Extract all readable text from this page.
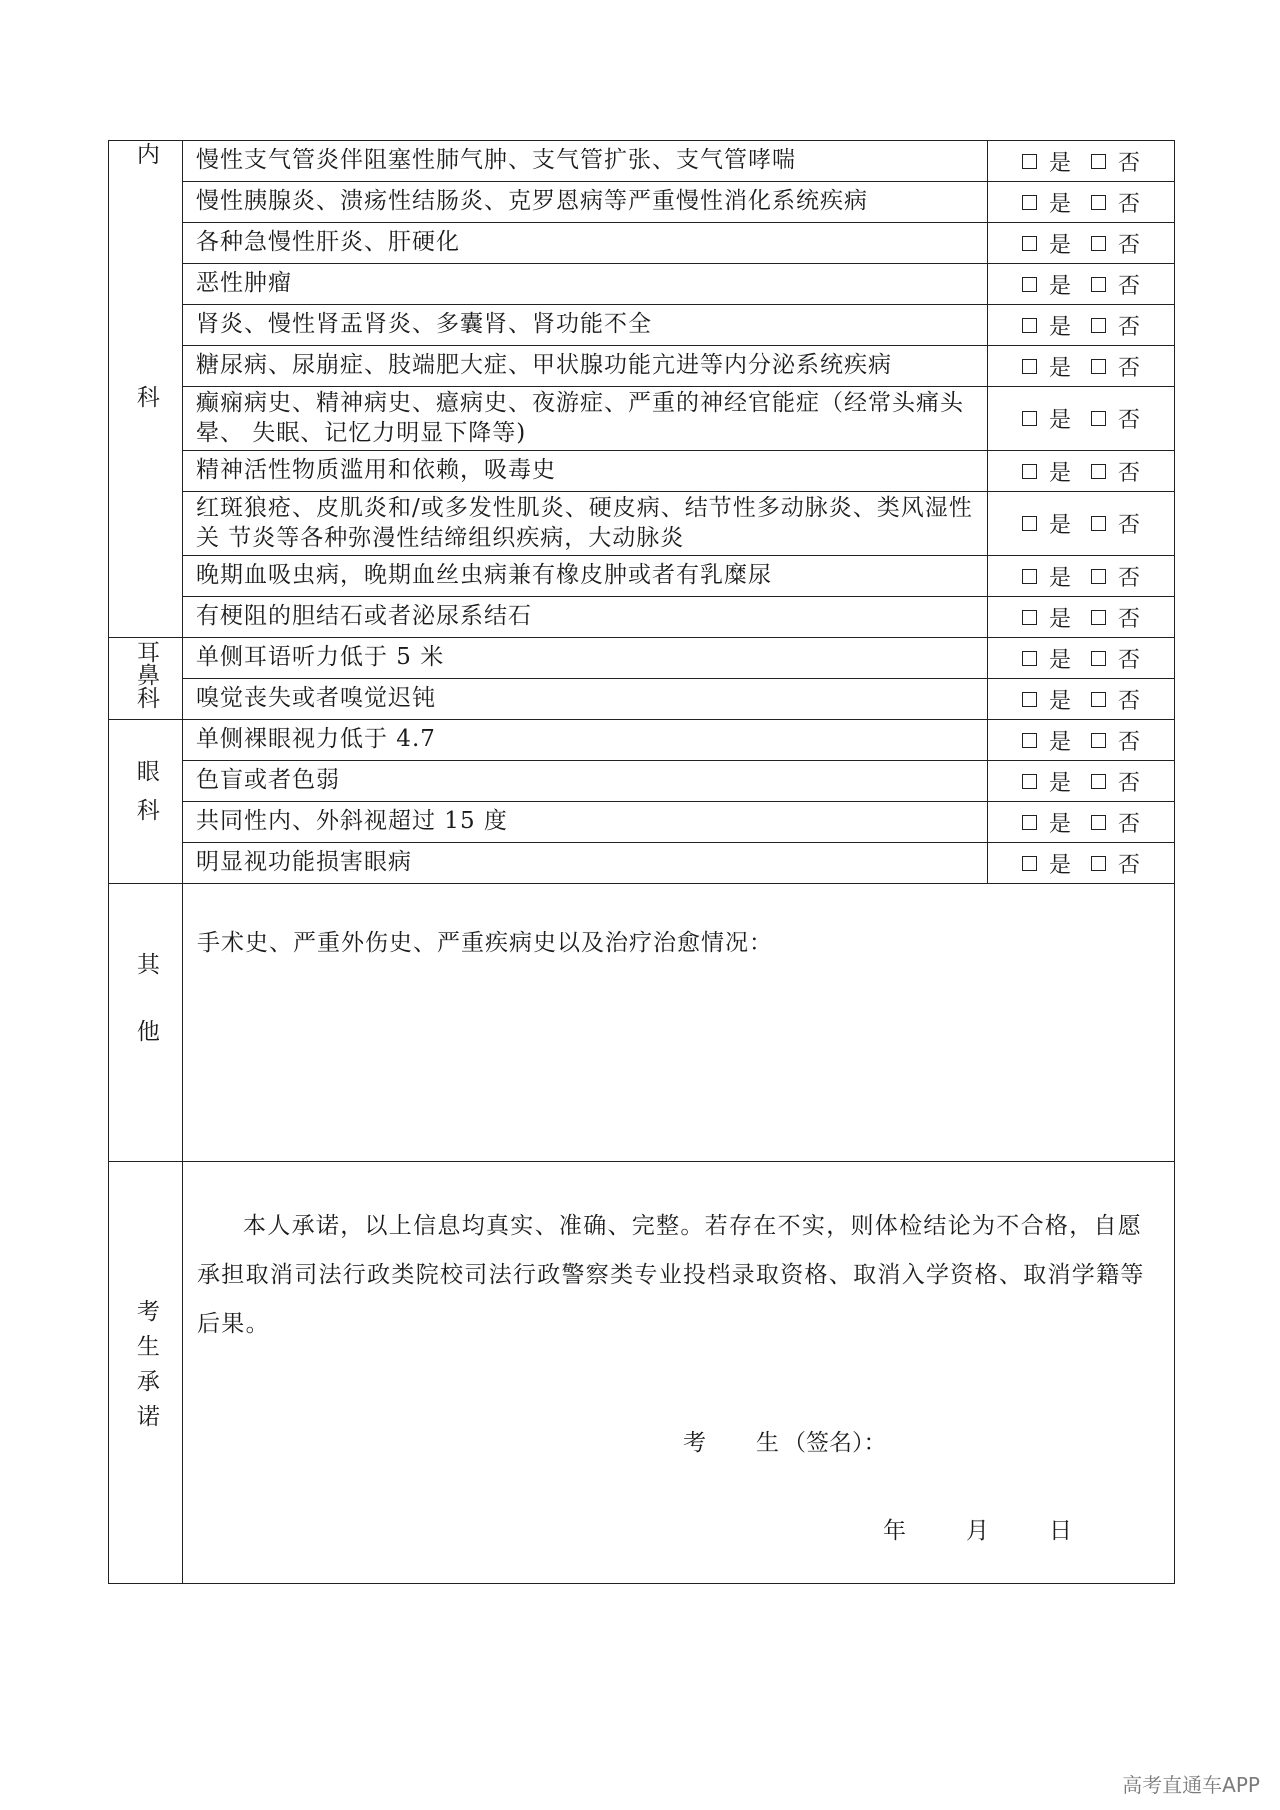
内科	慢性支气管炎伴阻塞性肺气肿、支气管扩张、支气管哮喘	是 否

	慢性胰腺炎、溃疡性结肠炎、克罗恩病等严重慢性消化系统疾病	是 否

	各种急慢性肝炎、肝硬化	是 否

	恶性肿瘤	是 否

	肾炎、慢性肾盂肾炎、多囊肾、肾功能不全	是 否

	糖尿病、尿崩症、肢端肥大症、甲状腺功能亢进等内分泌系统疾病	是 否

	癫痫病史、精神病史、癔病史、夜游症、严重的神经官能症（经常头痛头晕、 失眠、记忆力明显下降等)	是 否

	精神活性物质滥用和依赖，吸毒史	是 否

	红斑狼疮、皮肌炎和/或多发性肌炎、硬皮病、结节性多动脉炎、类风湿性关 节炎等各种弥漫性结缔组织疾病，大动脉炎	是 否

	晚期血吸虫病，晚期血丝虫病兼有橡皮肿或者有乳糜尿	是 否

	有梗阻的胆结石或者泌尿系结石	是 否

耳鼻科	单侧耳语听力低于 5 米	是 否

	嗅觉丧失或者嗅觉迟钝	是 否

眼科	单侧裸眼视力低于 4.7	是 否

	色盲或者色弱	是 否

	共同性内、外斜视超过 15 度	是 否

	明显视功能损害眼病	是 否

其他	手术史、严重外伤史、严重疾病史以及治疗治愈情况：	
考生承诺	本人承诺，以上信息均真实、准确、完整。若存在不实，则体检结论为不合格，自愿承担取消司法行政类院校司法行政警察类专业投档录取资格、取消入学资格、取消学籍等后果。

考 生 （签名）：
年 月 日	
高考直通车APP
